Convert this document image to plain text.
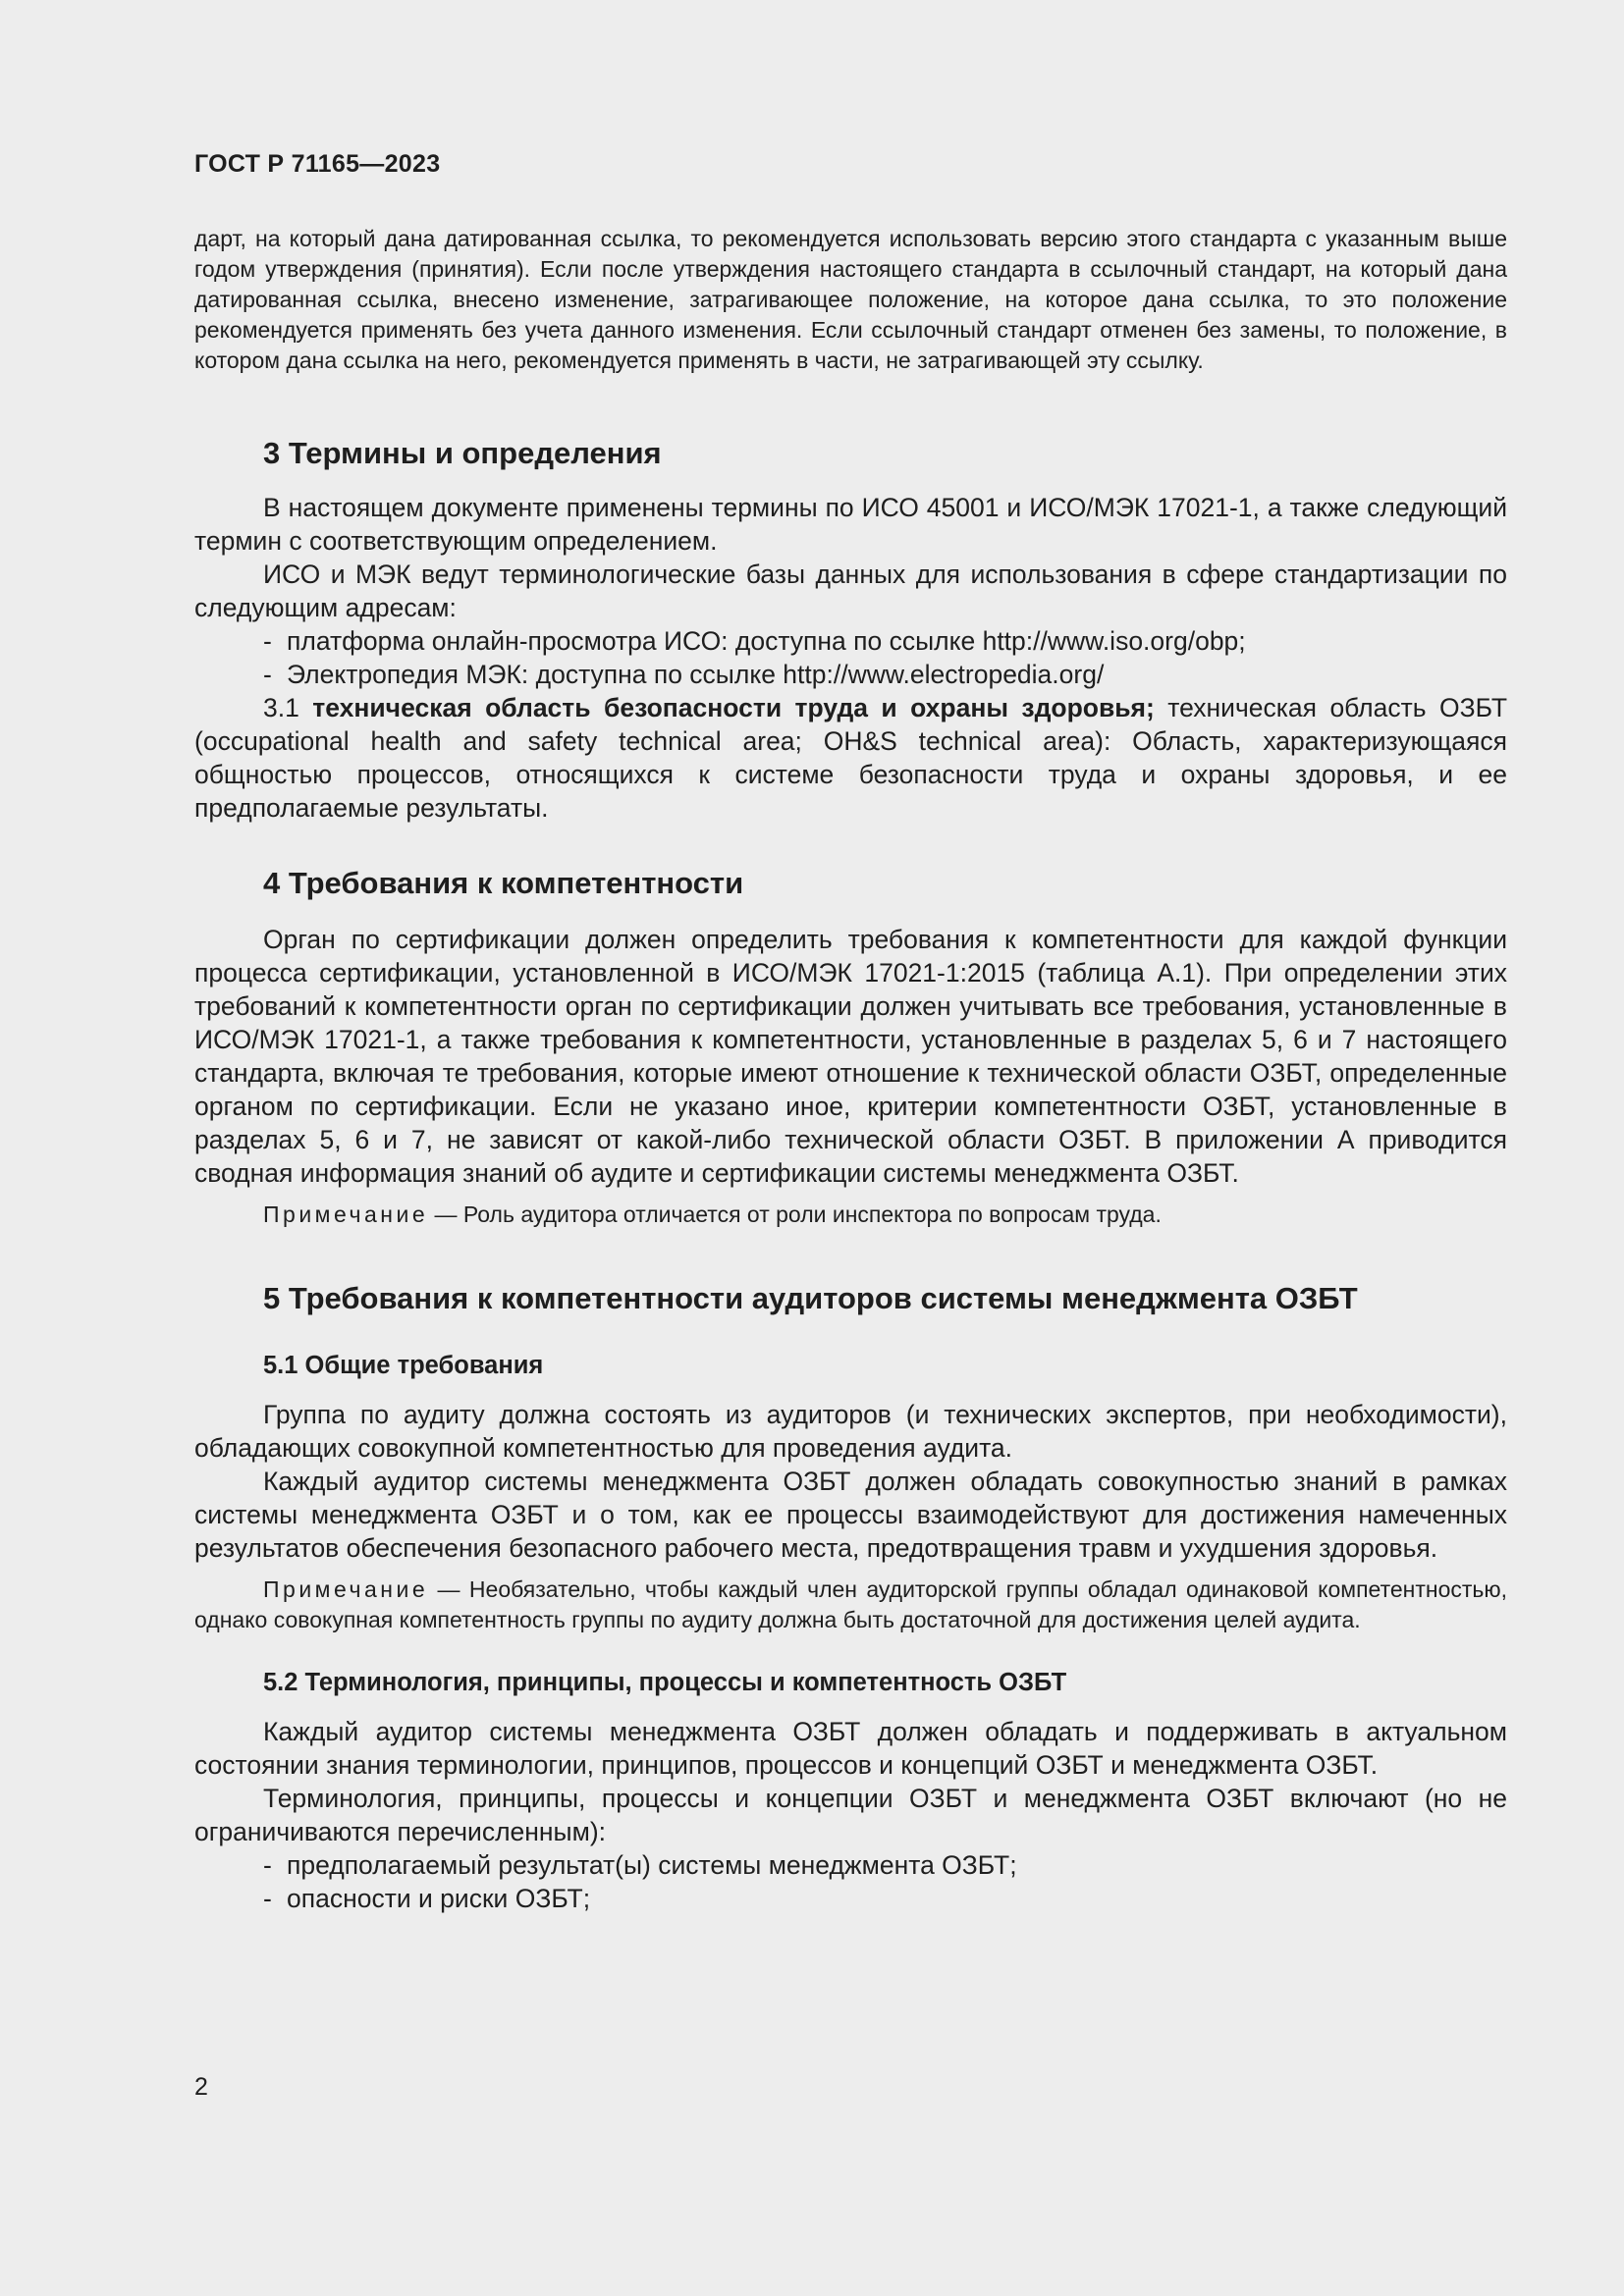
ГОСТ Р 71165—2023

дарт, на который дана датированная ссылка, то рекомендуется использовать версию этого стандарта с указанным выше годом утверждения (принятия). Если после утверждения настоящего стандарта в ссылочный стандарт, на который дана датированная ссылка, внесено изменение, затрагивающее положение, на которое дана ссылка, то это положение рекомендуется применять без учета данного изменения. Если ссылочный стандарт отменен без замены, то положение, в котором дана ссылка на него, рекомендуется применять в части, не затрагивающей эту ссылку.

3 Термины и определения

В настоящем документе применены термины по ИСО 45001 и ИСО/МЭК 17021-1, а также следующий термин с соответствующим определением.

ИСО и МЭК ведут терминологические базы данных для использования в сфере стандартизации по следующим адресам:

- платформа онлайн-просмотра ИСО: доступна по ссылке http://www.iso.org/obp;

- Электропедия МЭК: доступна по ссылке http://www.electropedia.org/

3.1 техническая область безопасности труда и охраны здоровья; техническая область ОЗБТ (occupational health and safety technical area; OH&S technical area): Область, характеризующаяся общностью процессов, относящихся к системе безопасности труда и охраны здоровья, и ее предполагаемые результаты.

4 Требования к компетентности

Орган по сертификации должен определить требования к компетентности для каждой функции процесса сертификации, установленной в ИСО/МЭК 17021-1:2015 (таблица А.1). При определении этих требований к компетентности орган по сертификации должен учитывать все требования, установленные в ИСО/МЭК 17021-1, а также требования к компетентности, установленные в разделах 5, 6 и 7 настоящего стандарта, включая те требования, которые имеют отношение к технической области ОЗБТ, определенные органом по сертификации. Если не указано иное, критерии компетентности ОЗБТ, установленные в разделах 5, 6 и 7, не зависят от какой-либо технической области ОЗБТ. В приложении А приводится сводная информация знаний об аудите и сертификации системы менеджмента ОЗБТ.

Примечание — Роль аудитора отличается от роли инспектора по вопросам труда.

5 Требования к компетентности аудиторов системы менеджмента ОЗБТ
5.1 Общие требования

Группа по аудиту должна состоять из аудиторов (и технических экспертов, при необходимости), обладающих совокупной компетентностью для проведения аудита.

Каждый аудитор системы менеджмента ОЗБТ должен обладать совокупностью знаний в рамках системы менеджмента ОЗБТ и о том, как ее процессы взаимодействуют для достижения намеченных результатов обеспечения безопасного рабочего места, предотвращения травм и ухудшения здоровья.

Примечание — Необязательно, чтобы каждый член аудиторской группы обладал одинаковой компетентностью, однако совокупная компетентность группы по аудиту должна быть достаточной для достижения целей аудита.

5.2 Терминология, принципы, процессы и компетентность ОЗБТ

Каждый аудитор системы менеджмента ОЗБТ должен обладать и поддерживать в актуальном состоянии знания терминологии, принципов, процессов и концепций ОЗБТ и менеджмента ОЗБТ.

Терминология, принципы, процессы и концепции ОЗБТ и менеджмента ОЗБТ включают (но не ограничиваются перечисленным):

- предполагаемый результат(ы) системы менеджмента ОЗБТ;

- опасности и риски ОЗБТ;

2
